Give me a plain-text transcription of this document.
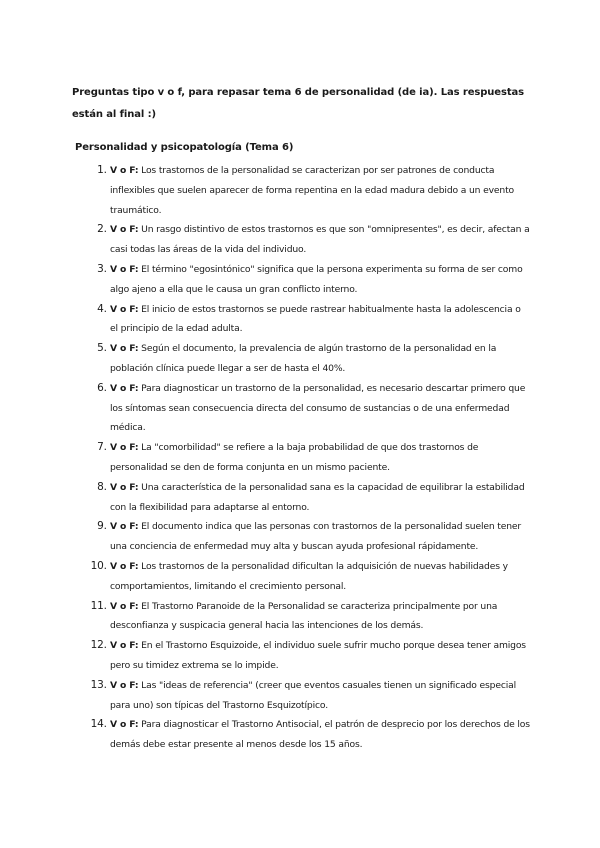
Preguntas tipo v o f, para repasar tema 6 de personalidad (de ia). Las respuestas están al final :)

Personalidad y psicopatología (Tema 6)
1. V o F: Los trastornos de la personalidad se caracterizan por ser patrones de conducta inflexibles que suelen aparecer de forma repentina en la edad madura debido a un evento traumático.
2. V o F: Un rasgo distintivo de estos trastornos es que son "omnipresentes", es decir, afectan a casi todas las áreas de la vida del individuo.
3. V o F: El término "egosintónico" significa que la persona experimenta su forma de ser como algo ajeno a ella que le causa un gran conflicto interno.
4. V o F: El inicio de estos trastornos se puede rastrear habitualmente hasta la adolescencia o el principio de la edad adulta.
5. V o F: Según el documento, la prevalencia de algún trastorno de la personalidad en la población clínica puede llegar a ser de hasta el 40%.
6. V o F: Para diagnosticar un trastorno de la personalidad, es necesario descartar primero que los síntomas sean consecuencia directa del consumo de sustancias o de una enfermedad médica.
7. V o F: La "comorbilidad" se refiere a la baja probabilidad de que dos trastornos de personalidad se den de forma conjunta en un mismo paciente.
8. V o F: Una característica de la personalidad sana es la capacidad de equilibrar la estabilidad con la flexibilidad para adaptarse al entorno.
9. V o F: El documento indica que las personas con trastornos de la personalidad suelen tener una conciencia de enfermedad muy alta y buscan ayuda profesional rápidamente.
10. V o F: Los trastornos de la personalidad dificultan la adquisición de nuevas habilidades y comportamientos, limitando el crecimiento personal.
11. V o F: El Trastorno Paranoide de la Personalidad se caracteriza principalmente por una desconfianza y suspicacia general hacia las intenciones de los demás.
12. V o F: En el Trastorno Esquizoide, el individuo suele sufrir mucho porque desea tener amigos pero su timidez extrema se lo impide.
13. V o F: Las "ideas de referencia" (creer que eventos casuales tienen un significado especial para uno) son típicas del Trastorno Esquizotípico.
14. V o F: Para diagnosticar el Trastorno Antisocial, el patrón de desprecio por los derechos de los demás debe estar presente al menos desde los 15 años.
